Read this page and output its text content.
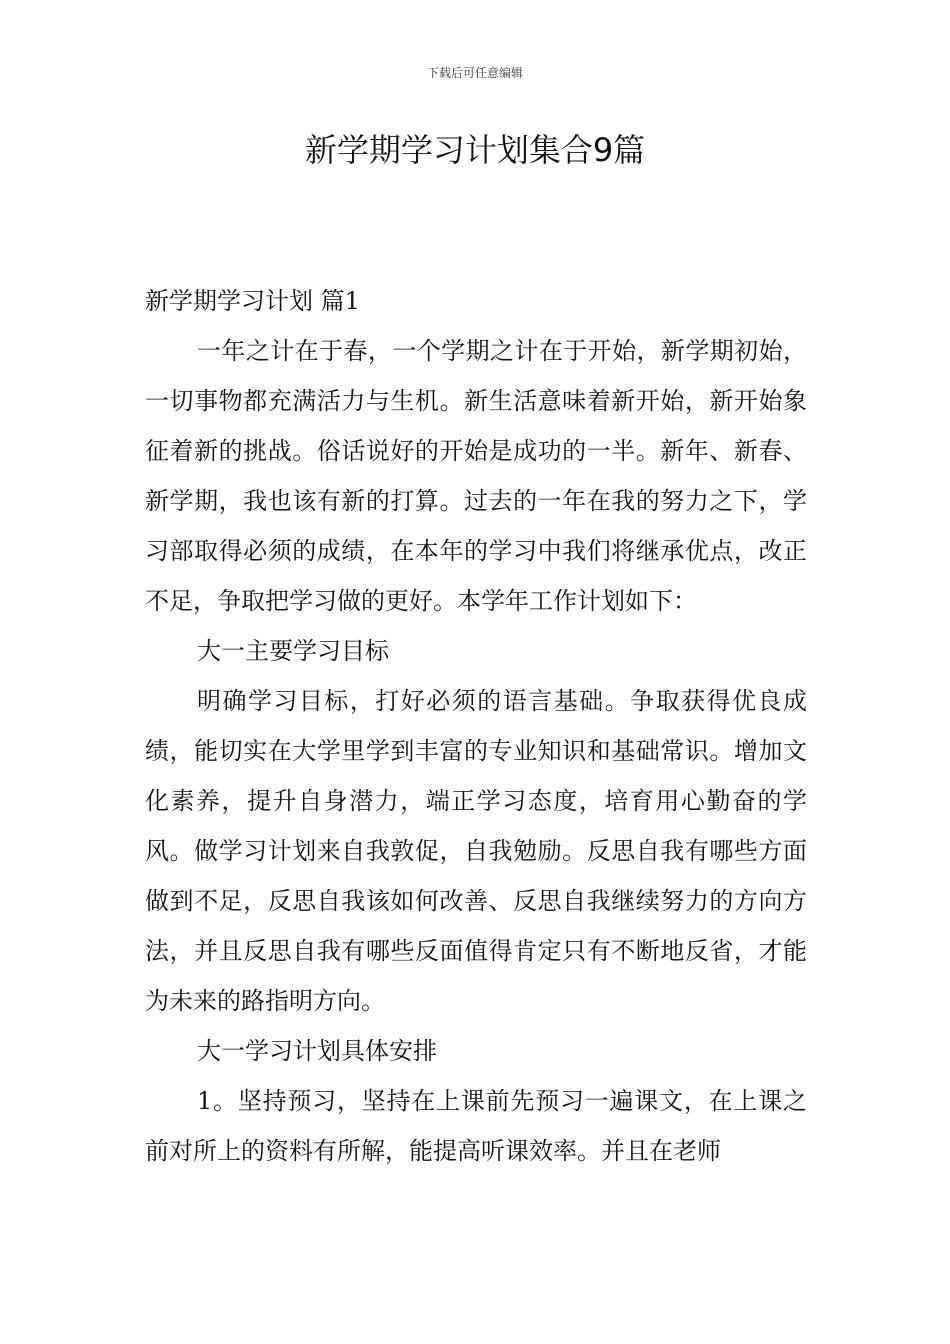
下载后可任意编辑
新学期学习计划集合9篇

新学期学习计划 篇1

一年之计在于春，一个学期之计在于开始，新学期初始，一切事物都充满活力与生机。新生活意味着新开始，新开始象征着新的挑战。俗话说好的开始是成功的一半。新年、新春、新学期，我也该有新的打算。过去的一年在我的努力之下，学习部取得必须的成绩，在本年的学习中我们将继承优点，改正不足，争取把学习做的更好。本学年工作计划如下：

大一主要学习目标

明确学习目标，打好必须的语言基础。争取获得优良成绩，能切实在大学里学到丰富的专业知识和基础常识。增加文化素养，提升自身潜力，端正学习态度，培育用心勤奋的学风。做学习计划来自我敦促，自我勉励。反思自我有哪些方面做到不足，反思自我该如何改善、反思自我继续努力的方向方法，并且反思自我有哪些反面值得肯定只有不断地反省，才能为未来的路指明方向。

大一学习计划具体安排

1。坚持预习，坚持在上课前先预习一遍课文，在上课之前对所上的资料有所解，能提高听课效率。并且在老师
